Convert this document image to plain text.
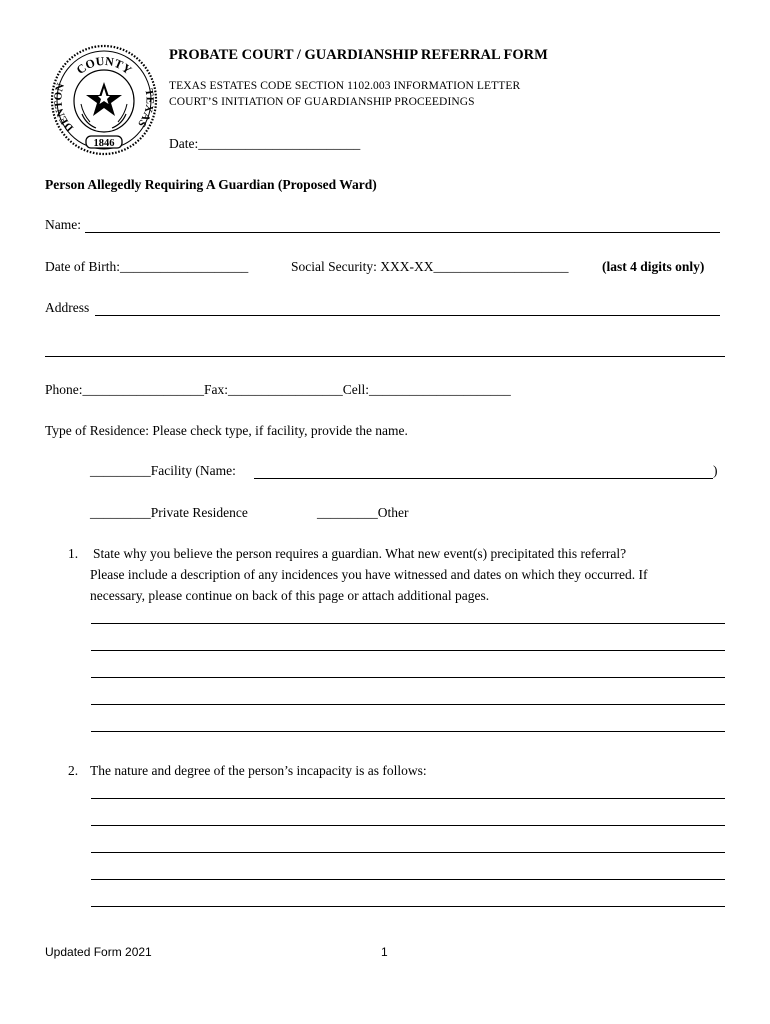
COUNTY
DENTON	TEXAS
1846
PROBATE COURT / GUARDIANSHIP REFERRAL FORM
TEXAS ESTATES CODE SECTION 1102.003 INFORMATION LETTER
COURT’S INITIATION OF GUARDIANSHIP PROCEEDINGS
Date:________________________
Person Allegedly Requiring A Guardian (Proposed Ward)
Name:
Date of Birth:___________________	Social Security: XXX-XX____________________ (last 4 digits only)
Address
Phone:__________________Fax:_________________Cell:_____________________
Type of Residence: Please check type, if facility, provide the name.
_________Facility (Name:	)
_________Private Residence	_________Other
1. State why you believe the person requires a guardian. What new event(s) precipitated this referral?
Please include a description of any incidences you have witnessed and dates on which they occurred. If
necessary, please continue on back of this page or attach additional pages.
2. The nature and degree of the person’s incapacity is as follows:
Updated Form 2021	1
